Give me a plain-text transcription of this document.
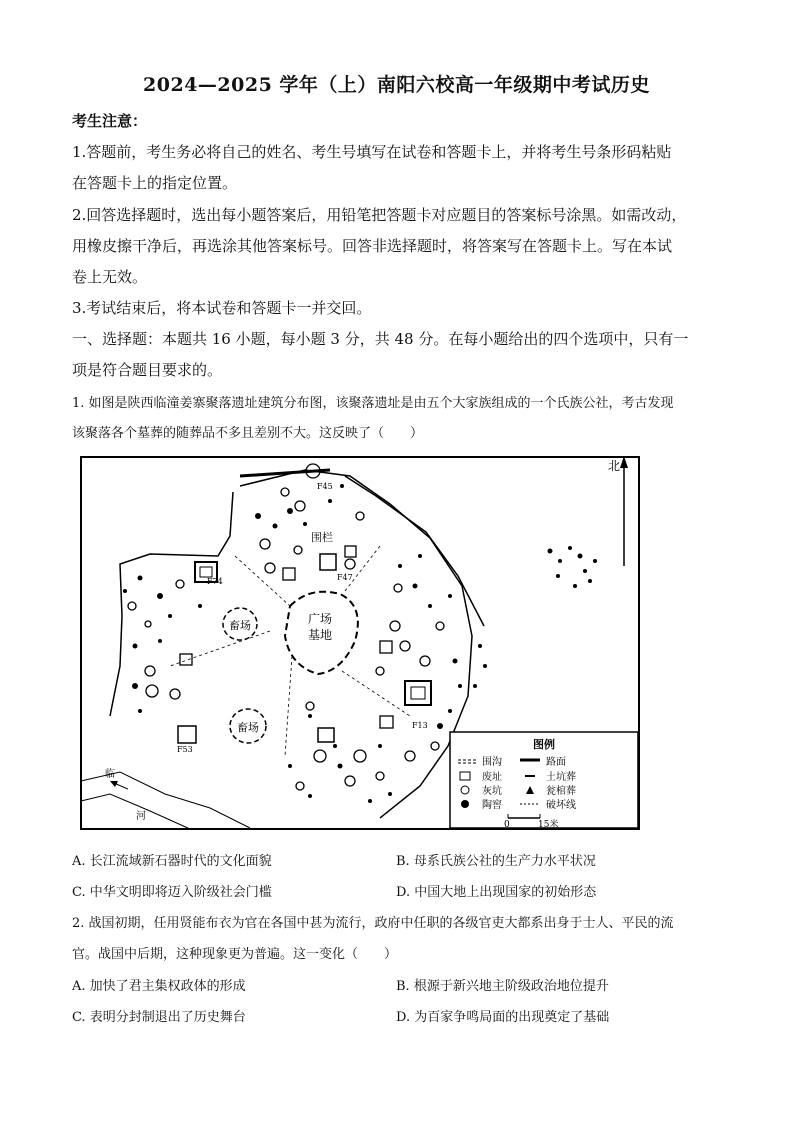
2024—2025 学年（上）南阳六校高一年级期中考试历史
考生注意：
1.答题前，考生务必将自己的姓名、考生号填写在试卷和答题卡上，并将考生号条形码粘贴
在答题卡上的指定位置。
2.回答选择题时，选出每小题答案后，用铅笔把答题卡对应题目的答案标号涂黑。如需改动，
用橡皮擦干净后，再选涂其他答案标号。回答非选择题时，将答案写在答题卡上。写在本试
卷上无效。
3.考试结束后，将本试卷和答题卡一并交回。
一、选择题：本题共 16 小题，每小题 3 分，共 48 分。在每小题给出的四个选项中，只有一
项是符合题目要求的。
1. 如图是陕西临潼姜寨聚落遗址建筑分布图，该聚落遗址是由五个大家族组成的一个氏族公社，考古发现
该聚落各个墓葬的随葬品不多且差别不大。这反映了（　　）
广场
基地
畜场
畜场
围栏
F45
F47
F74
F53
F13
临
河
图例
围沟
废址
灰坑
陶窖
路面
土坑葬
瓮棺葬
破坏线
0	15米
北
A. 长江流域新石器时代的文化面貌	B. 母系氏族公社的生产力水平状况
C. 中华文明即将迈入阶级社会门槛	D. 中国大地上出现国家的初始形态
2. 战国初期，任用贤能布衣为官在各国中甚为流行，政府中任职的各级官吏大都系出身于士人、平民的流
官。战国中后期，这种现象更为普遍。这一变化（　　）
A. 加快了君主集权政体的形成	B. 根源于新兴地主阶级政治地位提升
C. 表明分封制退出了历史舞台	D. 为百家争鸣局面的出现奠定了基础
